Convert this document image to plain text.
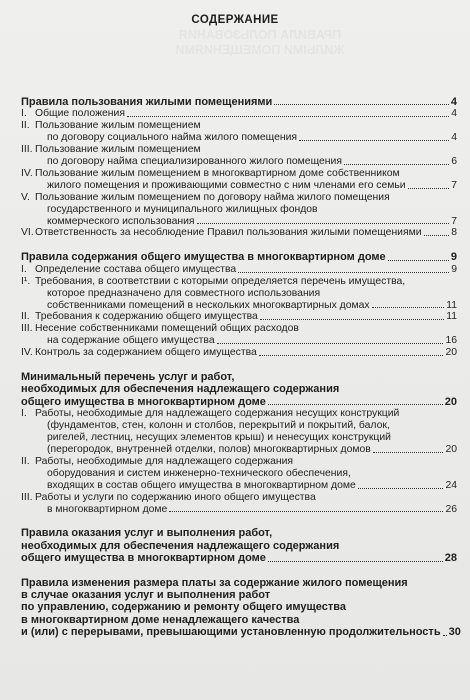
СОДЕРЖАНИЕ
Правила пользования жилыми помещениями	4
I. Общие положения	4
II. Пользование жилым помещением
по договору социального найма жилого помещения	4
III. Пользование жилым помещением
по договору найма специализированного жилого помещения	6
IV. Пользование жилым помещением в многоквартирном доме собственником
жилого помещения и проживающими совместно с ним членами его семьи	7
V. Пользование жилым помещением по договору найма жилого помещения
государственного и муниципального жилищных фондов
коммерческого использования	7
VI. Ответственность за несоблюдение Правил пользования жилыми помещениями	8
Правила содержания общего имущества в многоквартирном доме	9
I. Определение состава общего имущества	9
I¹. Требования, в соответствии с которыми определяется перечень имущества,
которое предназначено для совместного использования
собственниками помещений в нескольких многоквартирных домах	11
II. Требования к содержанию общего имущества	11
III. Несение собственниками помещений общих расходов
на содержание общего имущества	16
IV. Контроль за содержанием общего имущества	20
Минимальный перечень услуг и работ,
необходимых для обеспечения надлежащего содержания
общего имущества в многоквартирном доме	20
I. Работы, необходимые для надлежащего содержания несущих конструкций
(фундаментов, стен, колонн и столбов, перекрытий и покрытий, балок,
ригелей, лестниц, несущих элементов крыш) и ненесущих конструкций
(перегородок, внутренней отделки, полов) многоквартирных домов	20
II. Работы, необходимые для надлежащего содержания
оборудования и систем инженерно-технического обеспечения,
входящих в состав общего имущества в многоквартирном доме	24
III. Работы и услуги по содержанию иного общего имущества
в многоквартирном доме	26
Правила оказания услуг и выполнения работ,
необходимых для обеспечения надлежащего содержания
общего имущества в многоквартирном доме	28
Правила изменения размера платы за содержание жилого помещения
в случае оказания услуг и выполнения работ
по управлению, содержанию и ремонту общего имущества
в многоквартирном доме ненадлежащего качества
и (или) с перерывами, превышающими установленную продолжительность 30
